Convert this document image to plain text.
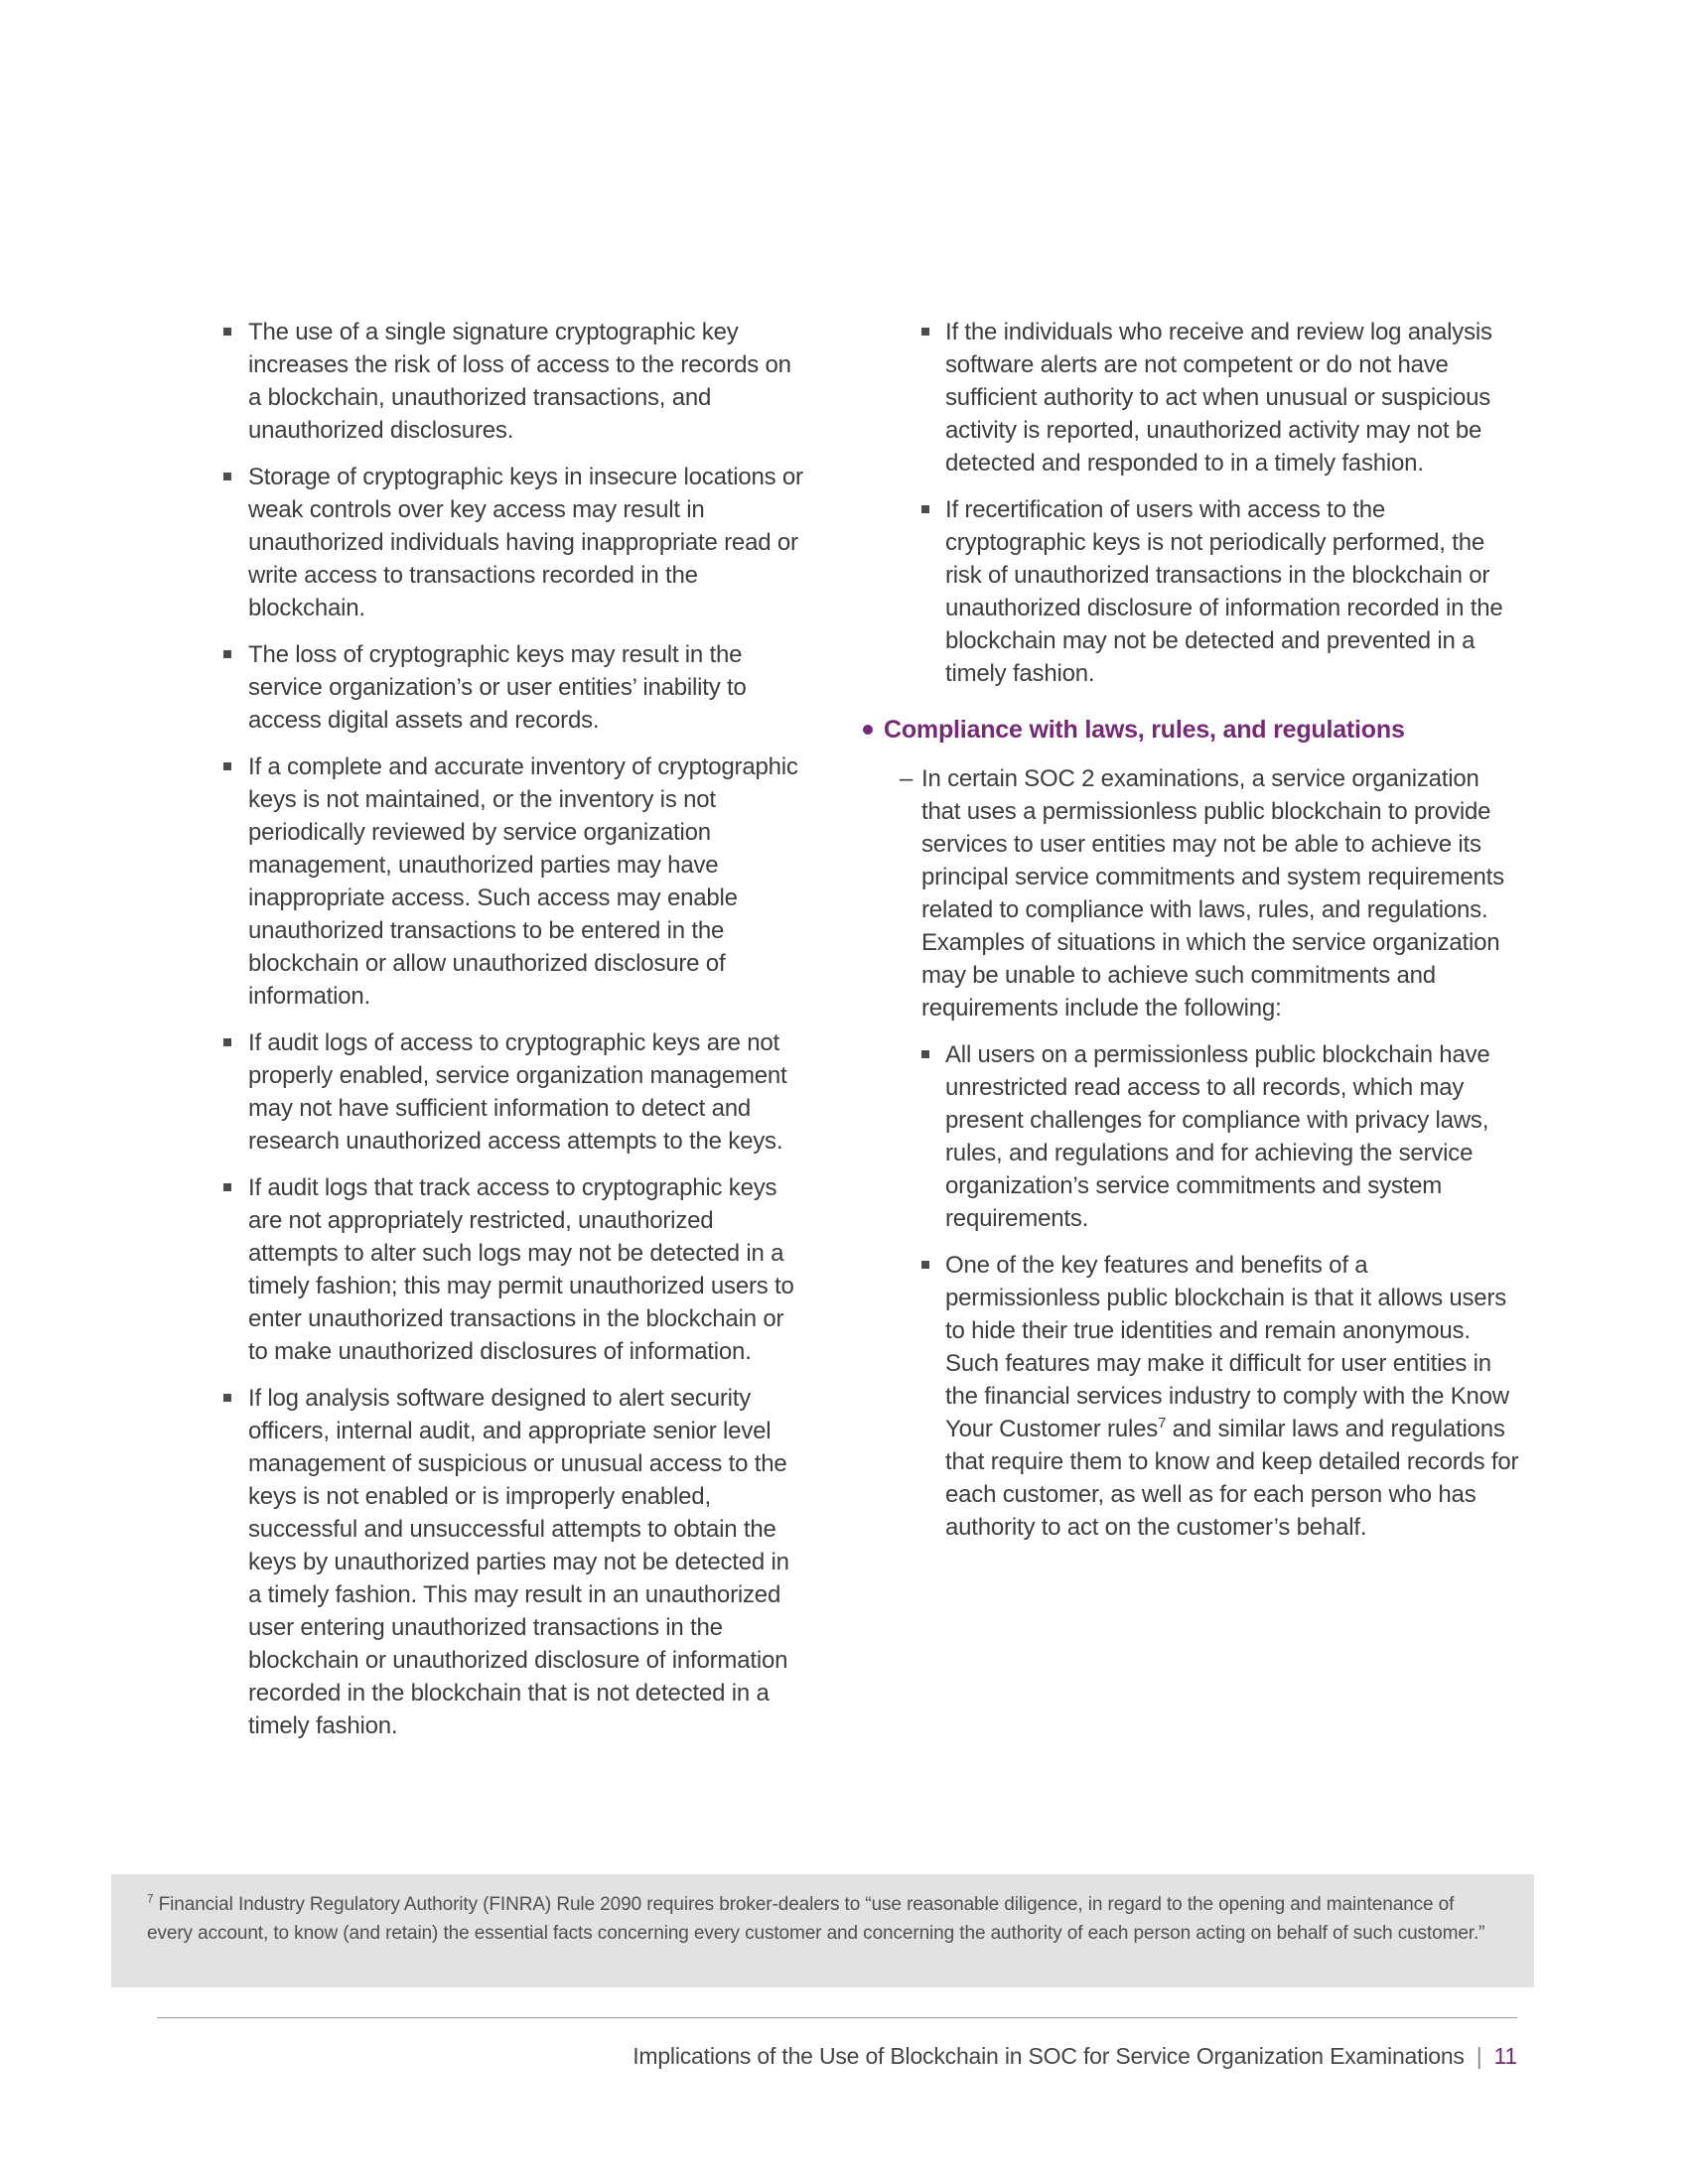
The use of a single signature cryptographic key increases the risk of loss of access to the records on a blockchain, unauthorized transactions, and unauthorized disclosures.
Storage of cryptographic keys in insecure locations or weak controls over key access may result in unauthorized individuals having inappropriate read or write access to transactions recorded in the blockchain.
The loss of cryptographic keys may result in the service organization’s or user entities’ inability to access digital assets and records.
If a complete and accurate inventory of cryptographic keys is not maintained, or the inventory is not periodically reviewed by service organization management, unauthorized parties may have inappropriate access. Such access may enable unauthorized transactions to be entered in the blockchain or allow unauthorized disclosure of information.
If audit logs of access to cryptographic keys are not properly enabled, service organization management may not have sufficient information to detect and research unauthorized access attempts to the keys.
If audit logs that track access to cryptographic keys are not appropriately restricted, unauthorized attempts to alter such logs may not be detected in a timely fashion; this may permit unauthorized users to enter unauthorized transactions in the blockchain or to make unauthorized disclosures of information.
If log analysis software designed to alert security officers, internal audit, and appropriate senior level management of suspicious or unusual access to the keys is not enabled or is improperly enabled, successful and unsuccessful attempts to obtain the keys by unauthorized parties may not be detected in a timely fashion. This may result in an unauthorized user entering unauthorized transactions in the blockchain or unauthorized disclosure of information recorded in the blockchain that is not detected in a timely fashion.
If the individuals who receive and review log analysis software alerts are not competent or do not have sufficient authority to act when unusual or suspicious activity is reported, unauthorized activity may not be detected and responded to in a timely fashion.
If recertification of users with access to the cryptographic keys is not periodically performed, the risk of unauthorized transactions in the blockchain or unauthorized disclosure of information recorded in the blockchain may not be detected and prevented in a timely fashion.
Compliance with laws, rules, and regulations
– In certain SOC 2 examinations, a service organization that uses a permissionless public blockchain to provide services to user entities may not be able to achieve its principal service commitments and system requirements related to compliance with laws, rules, and regulations. Examples of situations in which the service organization may be unable to achieve such commitments and requirements include the following:
All users on a permissionless public blockchain have unrestricted read access to all records, which may present challenges for compliance with privacy laws, rules, and regulations and for achieving the service organization’s service commitments and system requirements.
One of the key features and benefits of a permissionless public blockchain is that it allows users to hide their true identities and remain anonymous. Such features may make it difficult for user entities in the financial services industry to comply with the Know Your Customer rules$^7$ and similar laws and regulations that require them to know and keep detailed records for each customer, as well as for each person who has authority to act on the customer’s behalf.
$^7$ Financial Industry Regulatory Authority (FINRA) Rule 2090 requires broker-dealers to “use reasonable diligence, in regard to the opening and maintenance of every account, to know (and retain) the essential facts concerning every customer and concerning the authority of each person acting on behalf of such customer.”
Implications of the Use of Blockchain in SOC for Service Organization Examinations | 11
